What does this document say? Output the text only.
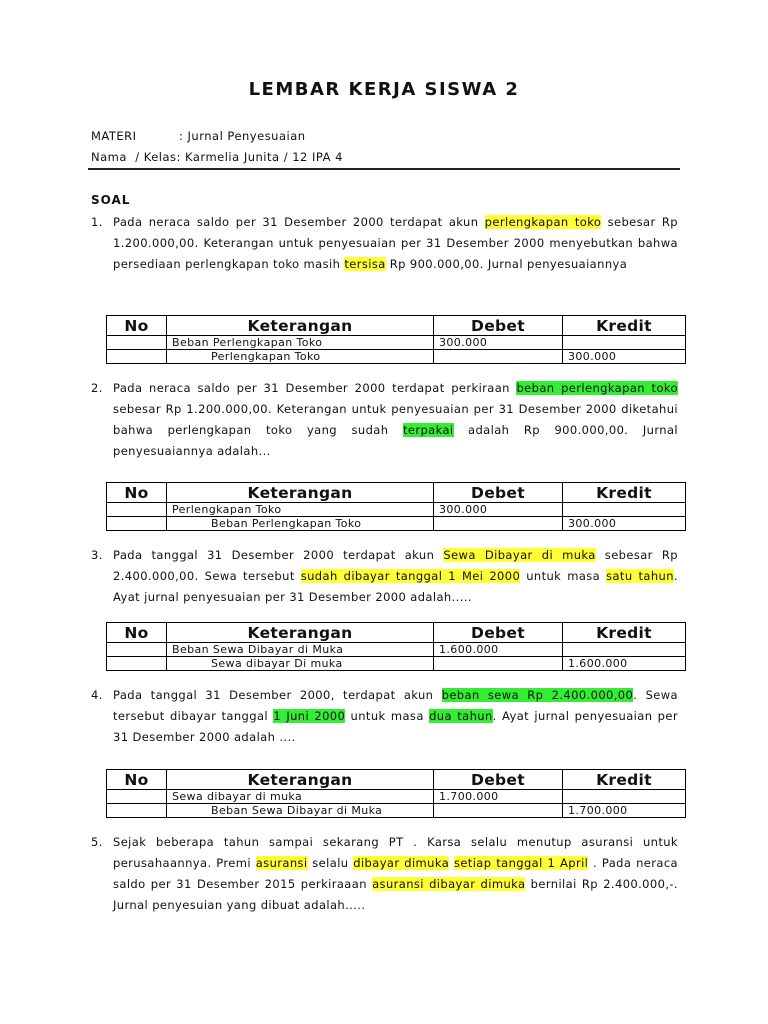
LEMBAR KERJA SISWA 2
MATERI	: Jurnal Penyesuaian
Nama  / Kelas: Karmelia Junita / 12 IPA 4
SOAL
1. Pada neraca saldo per 31 Desember 2000 terdapat akun perlengkapan toko sebesar Rp 1.200.000,00. Keterangan untuk penyesuaian per 31 Desember 2000 menyebutkan bahwa persediaan perlengkapan toko masih tersisa Rp 900.000,00. Jurnal penyesuaiannya
No	Keterangan	Debet	Kredit
	Beban Perlengkapan Toko	300.000	
	Perlengkapan Toko		300.000
2. Pada neraca saldo per 31 Desember 2000 terdapat perkiraan beban perlengkapan toko sebesar Rp 1.200.000,00. Keterangan untuk penyesuaian per 31 Desember 2000 diketahui bahwa perlengkapan toko yang sudah terpakai adalah Rp 900.000,00. Jurnal penyesuaiannya adalah...
No	Keterangan	Debet	Kredit
	Perlengkapan Toko	300.000	
	Beban Perlengkapan Toko		300.000
3. Pada tanggal 31 Desember 2000 terdapat akun Sewa Dibayar di muka sebesar Rp 2.400.000,00. Sewa tersebut sudah dibayar tanggal 1 Mei 2000 untuk masa satu tahun. Ayat jurnal penyesuaian per 31 Desember 2000 adalah.....
No	Keterangan	Debet	Kredit
	Beban Sewa Dibayar di Muka	1.600.000	
	Sewa dibayar Di muka		1.600.000
4. Pada tanggal 31 Desember 2000, terdapat akun beban sewa Rp 2.400.000,00. Sewa tersebut dibayar tanggal 1 Juni 2000 untuk masa dua tahun. Ayat jurnal penyesuaian per 31 Desember 2000 adalah ....
No	Keterangan	Debet	Kredit
	Sewa dibayar di muka	1.700.000	
	Beban Sewa Dibayar di Muka		1.700.000
5. Sejak beberapa tahun sampai sekarang PT . Karsa selalu menutup asuransi untuk perusahaannya. Premi asuransi selalu dibayar dimuka setiap tanggal 1 April . Pada neraca saldo per 31 Desember 2015 perkiraaan asuransi dibayar dimuka bernilai Rp 2.400.000,-. Jurnal penyesuian yang dibuat adalah.....
